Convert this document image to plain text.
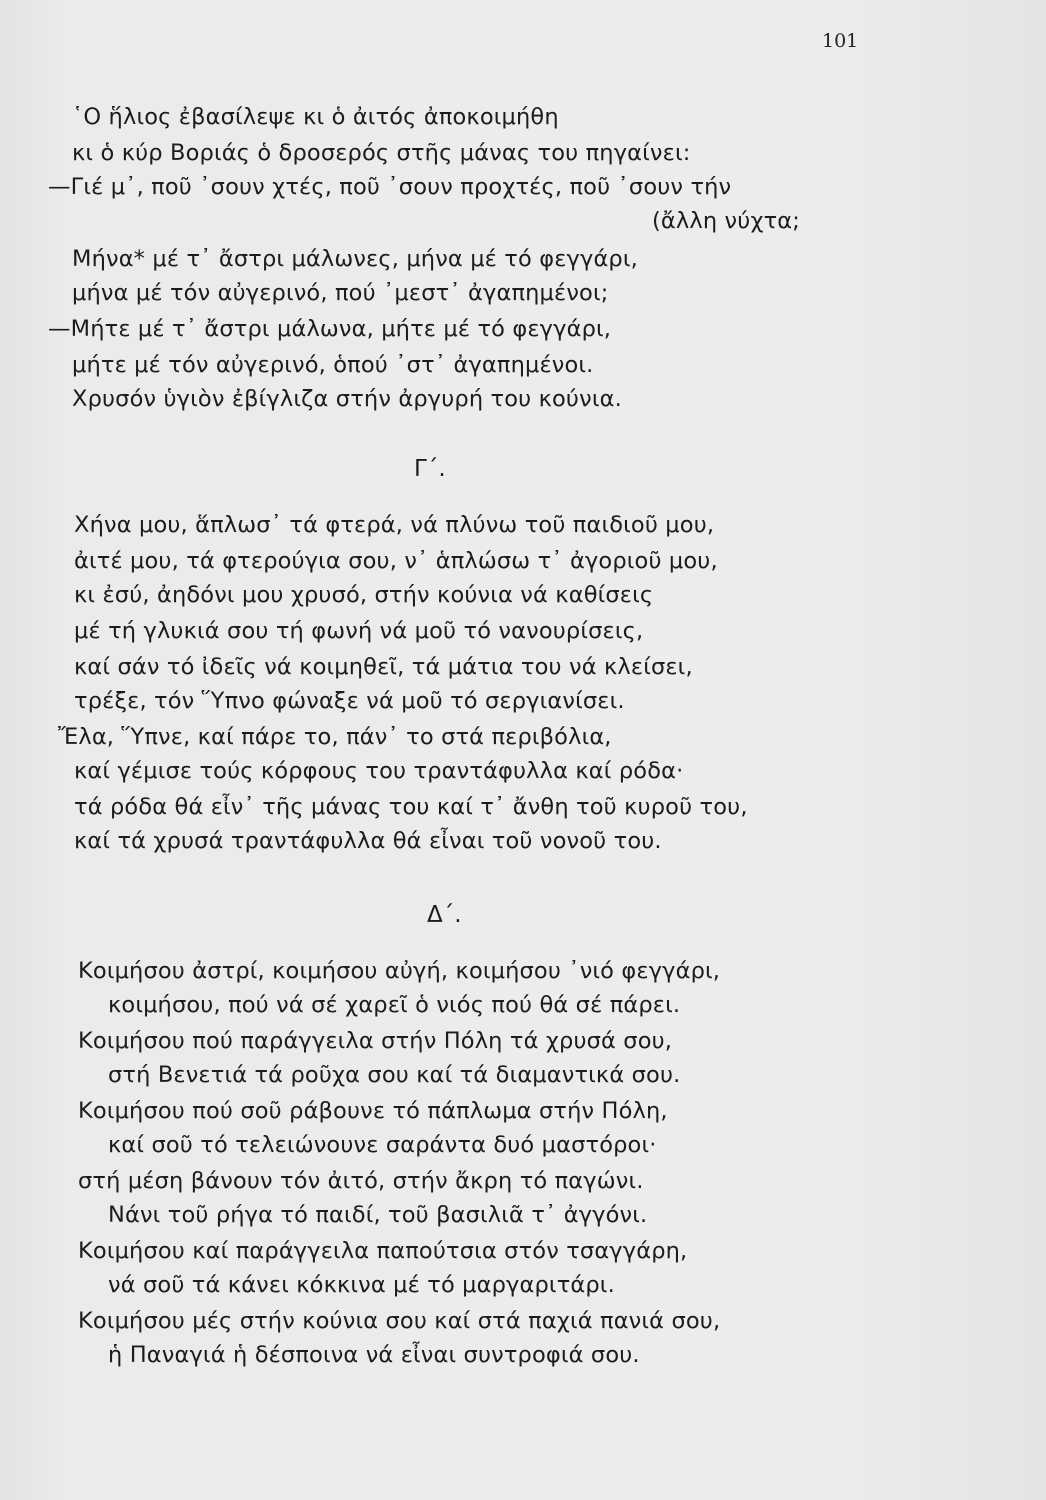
101
῾Ο ἥλιος ἐβασίλεψε κι ὁ ἀιτός ἀποκοιμήθη
κι ὁ κύρ Βοριάς ὁ δροσερός στῆς μάνας του πηγαίνει:
—Γιέ μ᾿, ποῦ ᾿σουν χτές, ποῦ ᾿σουν προχτές, ποῦ ᾿σουν τήν
(ἄλλη νύχτα;
Μήνα* μέ τ᾿ ἄστρι μάλωνες, μήνα μέ τό φεγγάρι,
μήνα μέ τόν αὐγερινό, πού ᾿μεστ᾿ ἀγαπημένοι;
—Μήτε μέ τ᾿ ἄστρι μάλωνα, μήτε μέ τό φεγγάρι,
μήτε μέ τόν αὐγερινό, ὁπού ᾿στ᾿ ἀγαπημένοι.
Χρυσόν ὑγιὸν ἐβίγλιζα στήν ἀργυρή του κούνια.
Γ΄.
Χήνα μου, ἅπλωσ᾿ τά φτερά, νά πλύνω τοῦ παιδιοῦ μου,
ἀιτέ μου, τά φτερούγια σου, ν᾿ ἁπλώσω τ᾿ ἀγοριοῦ μου,
κι ἐσύ, ἀηδόνι μου χρυσό, στήν κούνια νά καθίσεις
μέ τή γλυκιά σου τή φωνή νά μοῦ τό νανουρίσεις,
καί σάν τό ἰδεῖς νά κοιμηθεῖ, τά μάτια του νά κλείσει,
τρέξε, τόν Ὕπνο φώναξε νά μοῦ τό σεργιανίσει.
Ἔλα, Ὕπνε, καί πάρε το, πάν᾿ το στά περιβόλια,
καί γέμισε τούς κόρφους του τραντάφυλλα καί ρόδα·
τά ρόδα θά εἶν᾿ τῆς μάνας του καί τ᾿ ἄνθη τοῦ κυροῦ του,
καί τά χρυσά τραντάφυλλα θά εἶναι τοῦ νονοῦ του.
Δ΄.
Κοιμήσου ἀστρί, κοιμήσου αὐγή, κοιμήσου ᾿νιό φεγγάρι,
κοιμήσου, πού νά σέ χαρεῖ ὁ νιός πού θά σέ πάρει.
Κοιμήσου πού παράγγειλα στήν Πόλη τά χρυσά σου,
στή Βενετιά τά ροῦχα σου καί τά διαμαντικά σου.
Κοιμήσου πού σοῦ ράβουνε τό πάπλωμα στήν Πόλη,
καί σοῦ τό τελειώνουνε σαράντα δυό μαστόροι·
στή μέση βάνουν τόν ἀιτό, στήν ἄκρη τό παγώνι.
Νάνι τοῦ ρήγα τό παιδί, τοῦ βασιλιᾶ τ᾿ ἀγγόνι.
Κοιμήσου καί παράγγειλα παπούτσια στόν τσαγγάρη,
νά σοῦ τά κάνει κόκκινα μέ τό μαργαριτάρι.
Κοιμήσου μές στήν κούνια σου καί στά παχιά πανιά σου,
ἡ Παναγιά ἡ δέσποινα νά εἶναι συντροφιά σου.
